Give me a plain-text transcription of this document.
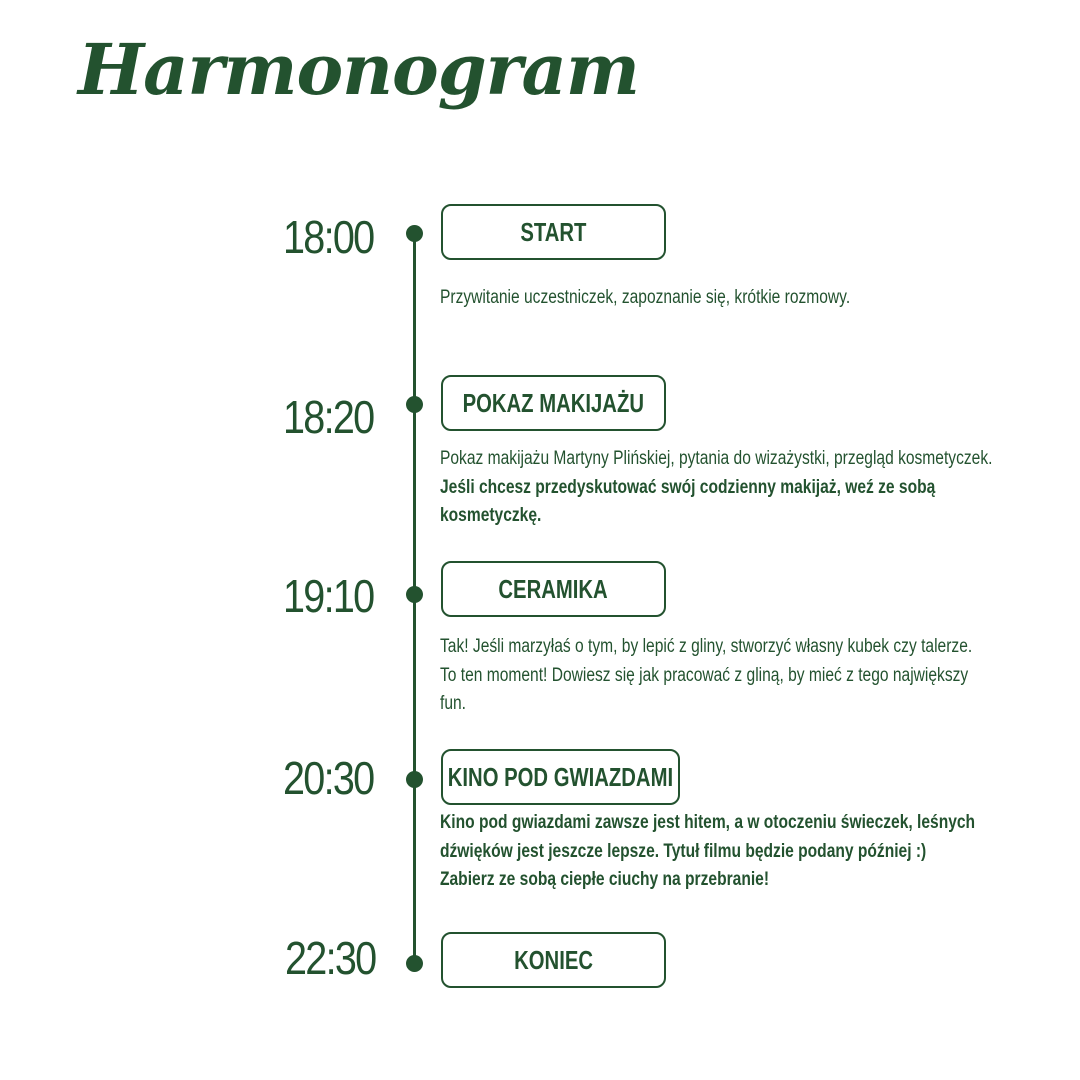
Harmonogram
18:00	START
Przywitanie uczestniczek, zapoznanie się, krótkie rozmowy.
18:20	POKAZ MAKIJAŻU
Pokaz makijażu Martyny Plińskiej, pytania do wizażystki, przegląd kosmetyczek.
Jeśli chcesz przedyskutować swój codzienny makijaż, weź ze sobą
kosmetyczkę.
19:10	CERAMIKA
Tak! Jeśli marzyłaś o tym, by lepić z gliny, stworzyć własny kubek czy talerze.
To ten moment! Dowiesz się jak pracować z gliną, by mieć z tego największy
fun.
20:30	KINO POD GWIAZDAMI
Kino pod gwiazdami zawsze jest hitem, a w otoczeniu świeczek, leśnych
dźwięków jest jeszcze lepsze. Tytuł filmu będzie podany później :)
Zabierz ze sobą ciepłe ciuchy na przebranie!
22:30	KONIEC
